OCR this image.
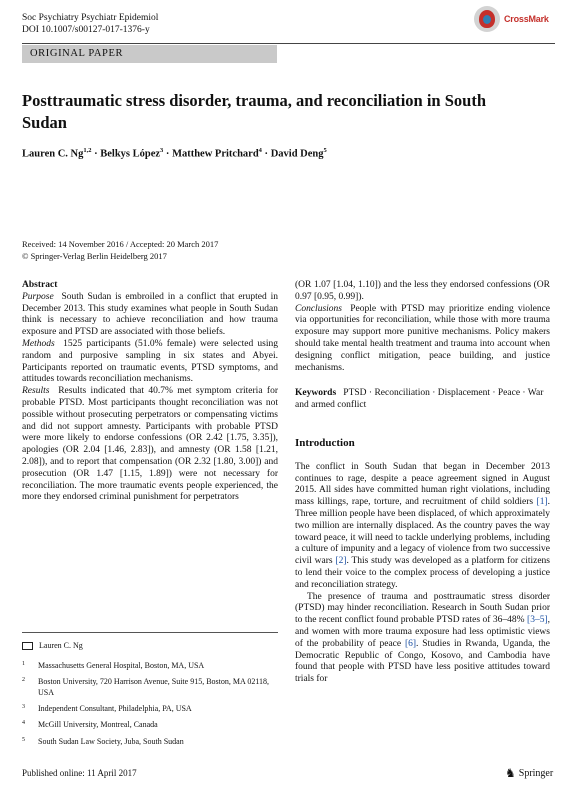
Soc Psychiatry Psychiatr Epidemiol
DOI 10.1007/s00127-017-1376-y
CrossMark
ORIGINAL PAPER
Posttraumatic stress disorder, trauma, and reconciliation in South Sudan
Lauren C. Ng$^{1,2}$ · Belkys López$^3$ · Matthew Pritchard$^4$ · David Deng$^5$
Received: 14 November 2016 / Accepted: 20 March 2017
© Springer-Verlag Berlin Heidelberg 2017

Abstract

Purpose South Sudan is embroiled in a conflict that erupted in December 2013. This study examines what people in South Sudan think is necessary to achieve reconciliation and how trauma exposure and PTSD are associated with those beliefs.

Methods 1525 participants (51.0% female) were selected using random and purposive sampling in six states and Abyei. Participants reported on traumatic events, PTSD symptoms, and attitudes towards reconciliation mechanisms.

Results Results indicated that 40.7% met symptom criteria for probable PTSD. Most participants thought reconciliation was not possible without prosecuting perpetrators or compensating victims and did not support amnesty. Participants with probable PTSD were more likely to endorse confessions (OR 2.42 [1.75, 3.35]), apologies (OR 2.04 [1.46, 2.83]), and amnesty (OR 1.58 [1.21, 2.08]), and to report that compensation (OR 2.32 [1.80, 3.00]) and prosecution (OR 1.47 [1.15, 1.89]) were not necessary for reconciliation. The more traumatic events people experienced, the more they endorsed criminal punishment for perpetrators

(OR 1.07 [1.04, 1.10]) and the less they endorsed confessions (OR 0.97 [0.95, 0.99]).

Conclusions People with PTSD may prioritize ending violence via opportunities for reconciliation, while those with more trauma exposure may support more punitive mechanisms. Policy makers should take mental health treatment and trauma into account when designing conflict mitigation, peace building, and justice mechanisms.

Keywords PTSD · Reconciliation · Displacement · Peace · War and armed conflict

Introduction

The conflict in South Sudan that began in December 2013 continues to rage, despite a peace agreement signed in August 2015. All sides have committed human right violations, including mass killings, rape, torture, and recruitment of child soldiers [1]. Three million people have been displaced, of which approximately two million are internally displaced. As the country paves the way toward peace, it will need to tackle underlying problems, including a culture of impunity and a legacy of violence from two successive civil wars [2]. This study was developed as a platform for citizens to lend their voice to the complex process of developing a justice and reconciliation strategy.

The presence of trauma and posttraumatic stress disorder (PTSD) may hinder reconciliation. Research in South Sudan prior to the recent conflict found probable PTSD rates of 36–48% [3–5], and women with more trauma exposure had less optimistic views of the probability of peace [6]. Studies in Rwanda, Uganda, the Democratic Republic of Congo, Kosovo, and Cambodia have found that people with PTSD have less positive attitudes toward trials for

Lauren C. Ng
1 Massachusetts General Hospital, Boston, MA, USA
2 Boston University, 720 Harrison Avenue, Suite 915, Boston, MA 02118, USA
3 Independent Consultant, Philadelphia, PA, USA
4 McGill University, Montreal, Canada
5 South Sudan Law Society, Juba, South Sudan
Published online: 11 April 2017	♞ Springer
